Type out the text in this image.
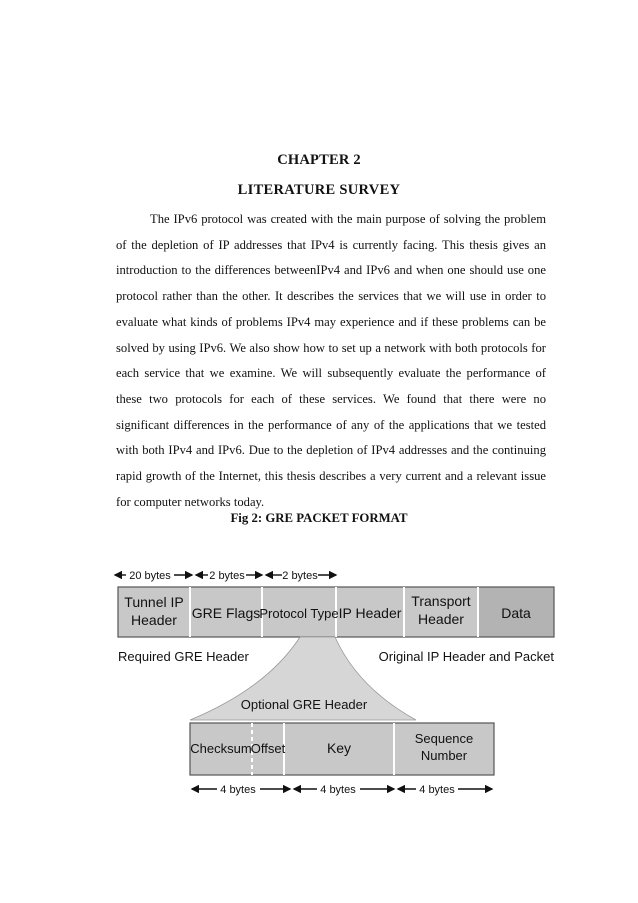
CHAPTER 2
LITERATURE SURVEY

The IPv6 protocol was created with the main purpose of solving the problem of the depletion of IP addresses that IPv4 is currently facing. This thesis gives an introduction to the differences betweenIPv4 and IPv6 and when one should use one protocol rather than the other. It describes the services that we will use in order to evaluate what kinds of problems IPv4 may experience and if these problems can be solved by using IPv6. We also show how to set up a network with both protocols for each service that we examine. We will subsequently evaluate the performance of these two protocols for each of these services. We found that there were no significant differences in the performance of any of the applications that we tested with both IPv4 and IPv6. Due to the depletion of IPv4 addresses and the continuing rapid growth of the Internet, this thesis describes a very current and a relevant issue for computer networks today.

Fig 2: GRE PACKET FORMAT
20 bytes	2 bytes	2 bytes
Tunnel IP
Header GRE Flags Protocol Type IP Header
Transport
Header	Data
Required GRE Header	Original IP Header and Packet
Optional GRE Header
Checksum Offset	Key
Sequence
Number
4 bytes	4 bytes	4 bytes
